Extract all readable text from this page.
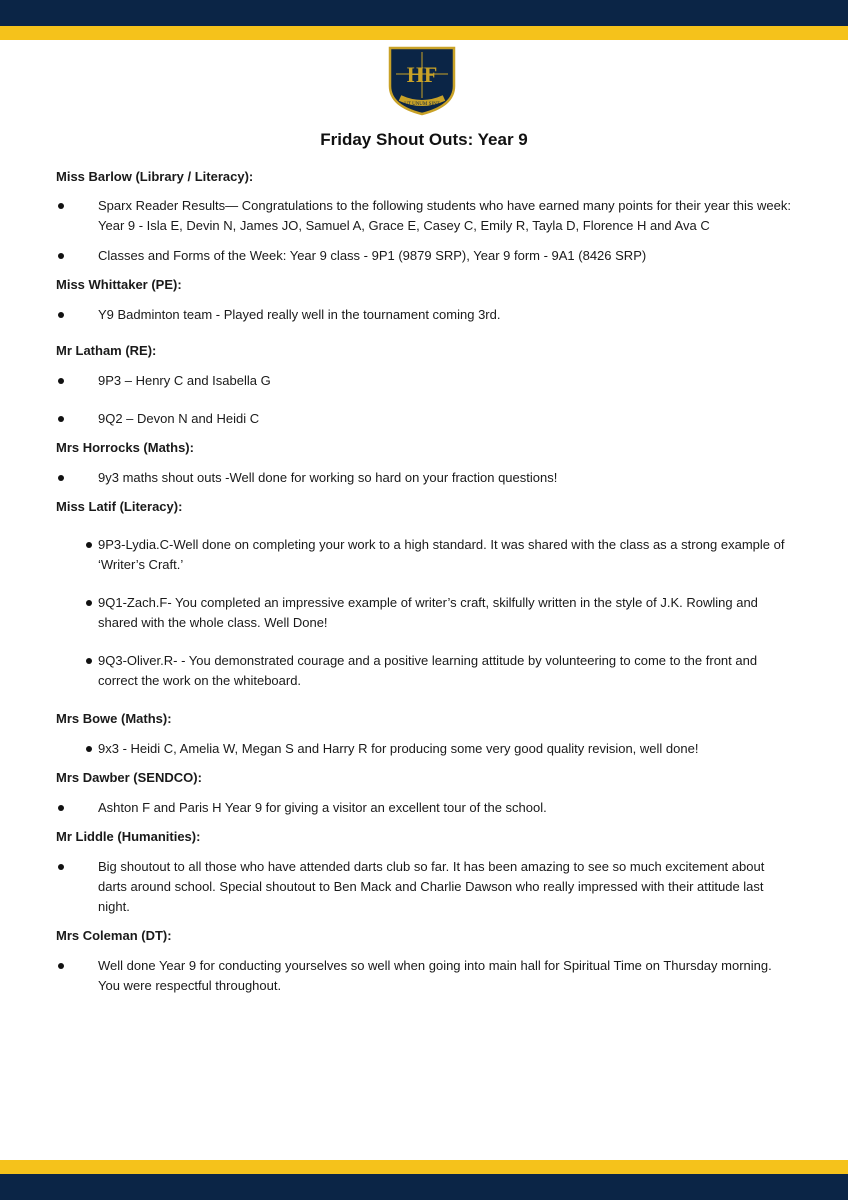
HF
UT UNUM SINT
Friday Shout Outs: Year 9

Miss Barlow (Library / Literacy):

Sparx Reader Results— Congratulations to the following students who have earned many points for their year this week: Year 9 - Isla E, Devin N, James JO, Samuel A, Grace E, Casey C, Emily R, Tayla D, Florence H and Ava C
Classes and Forms of the Week: Year 9 class - 9P1 (9879 SRP), Year 9 form - 9A1 (8426 SRP)

Miss Whittaker (PE):

Y9 Badminton team - Played really well in the tournament coming 3rd.

Mr Latham (RE):

9P3 – Henry C and Isabella G
9Q2 – Devon N and Heidi C

Mrs Horrocks (Maths):

9y3 maths shout outs -Well done for working so hard on your fraction questions!

Miss Latif (Literacy):

9P3-Lydia.C-Well done on completing your work to a high standard. It was shared with the class as a strong example of ‘Writer’s Craft.’
9Q1-Zach.F- You completed an impressive example of writer’s craft, skilfully written in the style of J.K. Rowling and shared with the whole class. Well Done!
9Q3-Oliver.R- - You demonstrated courage and a positive learning attitude by volunteering to come to the front and correct the work on the whiteboard.

Mrs Bowe (Maths):

9x3 - Heidi C, Amelia W, Megan S and Harry R for producing some very good quality revision, well done!

Mrs Dawber (SENDCO):

Ashton F and Paris H Year 9 for giving a visitor an excellent tour of the school.

Mr Liddle (Humanities):

Big shoutout to all those who have attended darts club so far. It has been amazing to see so much excitement about darts around school. Special shoutout to Ben Mack and Charlie Dawson who really impressed with their attitude last night.

Mrs Coleman (DT):

Well done Year 9 for conducting yourselves so well when going into main hall for Spiritual Time on Thursday morning. You were respectful throughout.
